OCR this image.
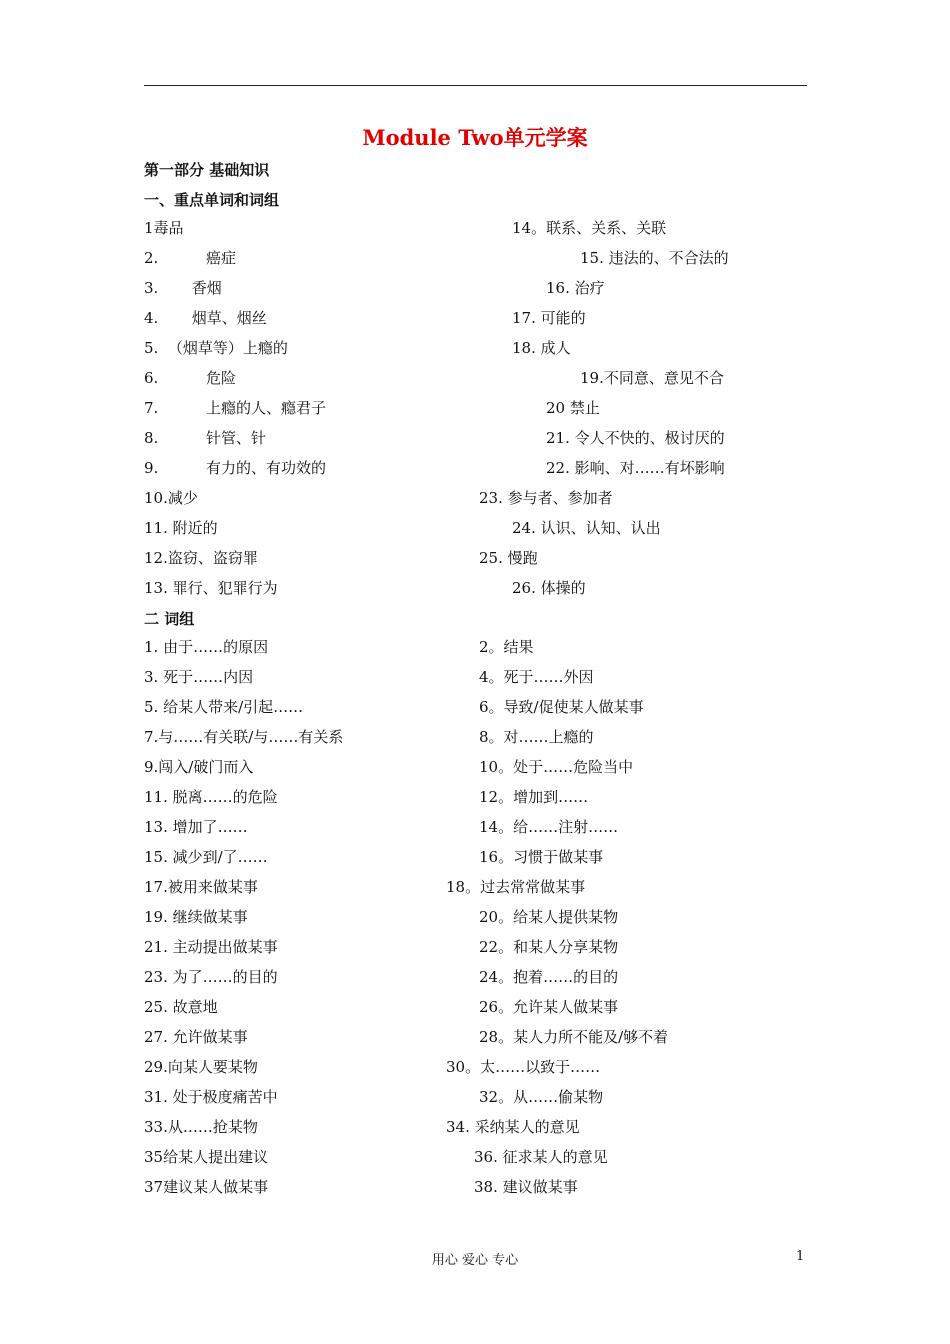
Module Two单元学案
第一部分 基础知识
一、重点单词和词组
二 词组
1毒品
2.          癌症
3.       香烟
4.       烟草、烟丝
5.  （烟草等）上瘾的
6.          危险
7.          上瘾的人、瘾君子
8.          针管、针
9.          有力的、有功效的
10.减少
11. 附近的
12.盗窃、盗窃罪
13. 罪行、犯罪行为
14。联系、关系、关联
15. 违法的、不合法的
16. 治疗
17. 可能的
18. 成人
19.不同意、意见不合
20 禁止
21. 令人不快的、极讨厌的
22. 影响、对……有坏影响
23. 参与者、参加者
24. 认识、认知、认出
25. 慢跑
26. 体操的
1. 由于……的原因
3. 死于……内因
5. 给某人带来/引起……
7.与……有关联/与……有关系
9.闯入/破门而入
11. 脱离……的危险
13. 增加了……
15. 减少到/了……
17.被用来做某事
19. 继续做某事
21. 主动提出做某事
23. 为了……的目的
25. 故意地
27. 允许做某事
29.向某人要某物
31. 处于极度痛苦中
33.从……抢某物
35给某人提出建议
37建议某人做某事
2。结果
4。死于……外因
6。导致/促使某人做某事
8。对……上瘾的
10。处于……危险当中
12。增加到……
14。给……注射……
16。习惯于做某事
18。过去常常做某事
20。给某人提供某物
22。和某人分享某物
24。抱着……的目的
26。允许某人做某事
28。某人力所不能及/够不着
30。太……以致于……
32。从……偷某物
34. 采纳某人的意见
36. 征求某人的意见
38. 建议做某事
用心 爱心 专心	1
